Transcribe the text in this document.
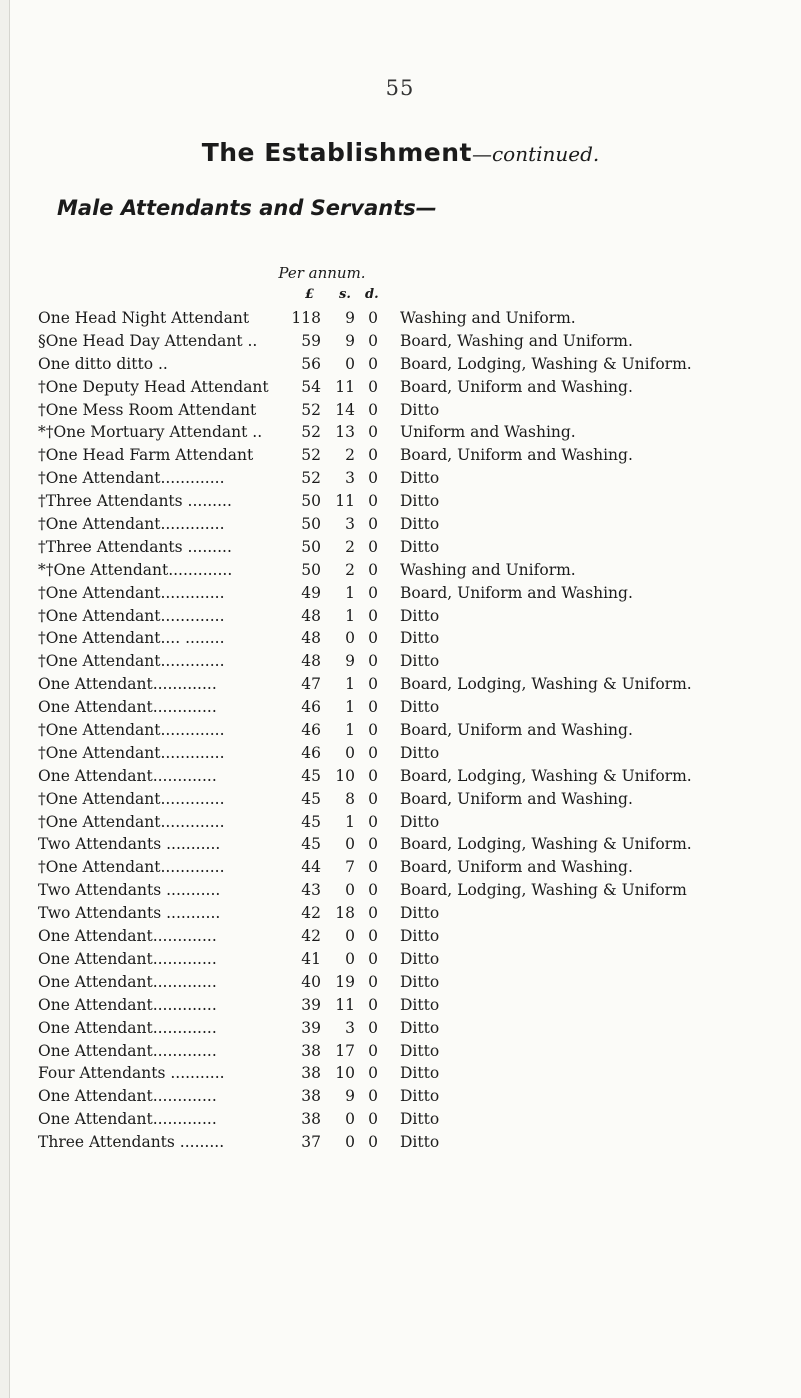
55
The Establishment—continued.
Male Attendants and Servants—
Per annum.
£ s. d.
One Head Night Attendant	118	9 0 Washing and Uniform.
§One Head Day Attendant ..	59	9 0 Board, Washing and Uniform.
One ditto ditto ..	56	0 0 Board, Lodging, Washing & Uniform.
†One Deputy Head Attendant	54 11 0 Board, Uniform and Washing.
†One Mess Room Attendant	52 14 0 Ditto
*†One Mortuary Attendant ..	52 13 0 Uniform and Washing.
†One Head Farm Attendant	52	2 0 Board, Uniform and Washing.
†One Attendant.............	52	3 0 Ditto
†Three Attendants .........	50 11 0 Ditto
†One Attendant.............	50	3 0 Ditto
†Three Attendants .........	50	2 0 Ditto
*†One Attendant.............	50	2 0 Washing and Uniform.
†One Attendant.............	49	1 0 Board, Uniform and Washing.
†One Attendant.............	48	1 0 Ditto
†One Attendant.... ........	48	0 0 Ditto
†One Attendant.............	48	9 0 Ditto
One Attendant.............	47	1 0 Board, Lodging, Washing & Uniform.
One Attendant.............	46	1 0 Ditto
†One Attendant.............	46	1 0 Board, Uniform and Washing.
†One Attendant.............	46	0 0 Ditto
One Attendant.............	45 10 0 Board, Lodging, Washing & Uniform.
†One Attendant.............	45	8 0 Board, Uniform and Washing.
†One Attendant.............	45	1 0 Ditto
Two Attendants ...........	45	0 0 Board, Lodging, Washing & Uniform.
†One Attendant.............	44	7 0 Board, Uniform and Washing.
Two Attendants ...........	43	0 0 Board, Lodging, Washing & Uniform
Two Attendants ...........	42 18 0 Ditto
One Attendant.............	42	0 0 Ditto
One Attendant.............	41	0 0 Ditto
One Attendant.............	40 19 0 Ditto
One Attendant.............	39 11 0 Ditto
One Attendant.............	39	3 0 Ditto
One Attendant.............	38 17 0 Ditto
Four Attendants ...........	38 10 0 Ditto
One Attendant.............	38	9 0 Ditto
One Attendant.............	38	0 0 Ditto
Three Attendants .........	37	0 0 Ditto
